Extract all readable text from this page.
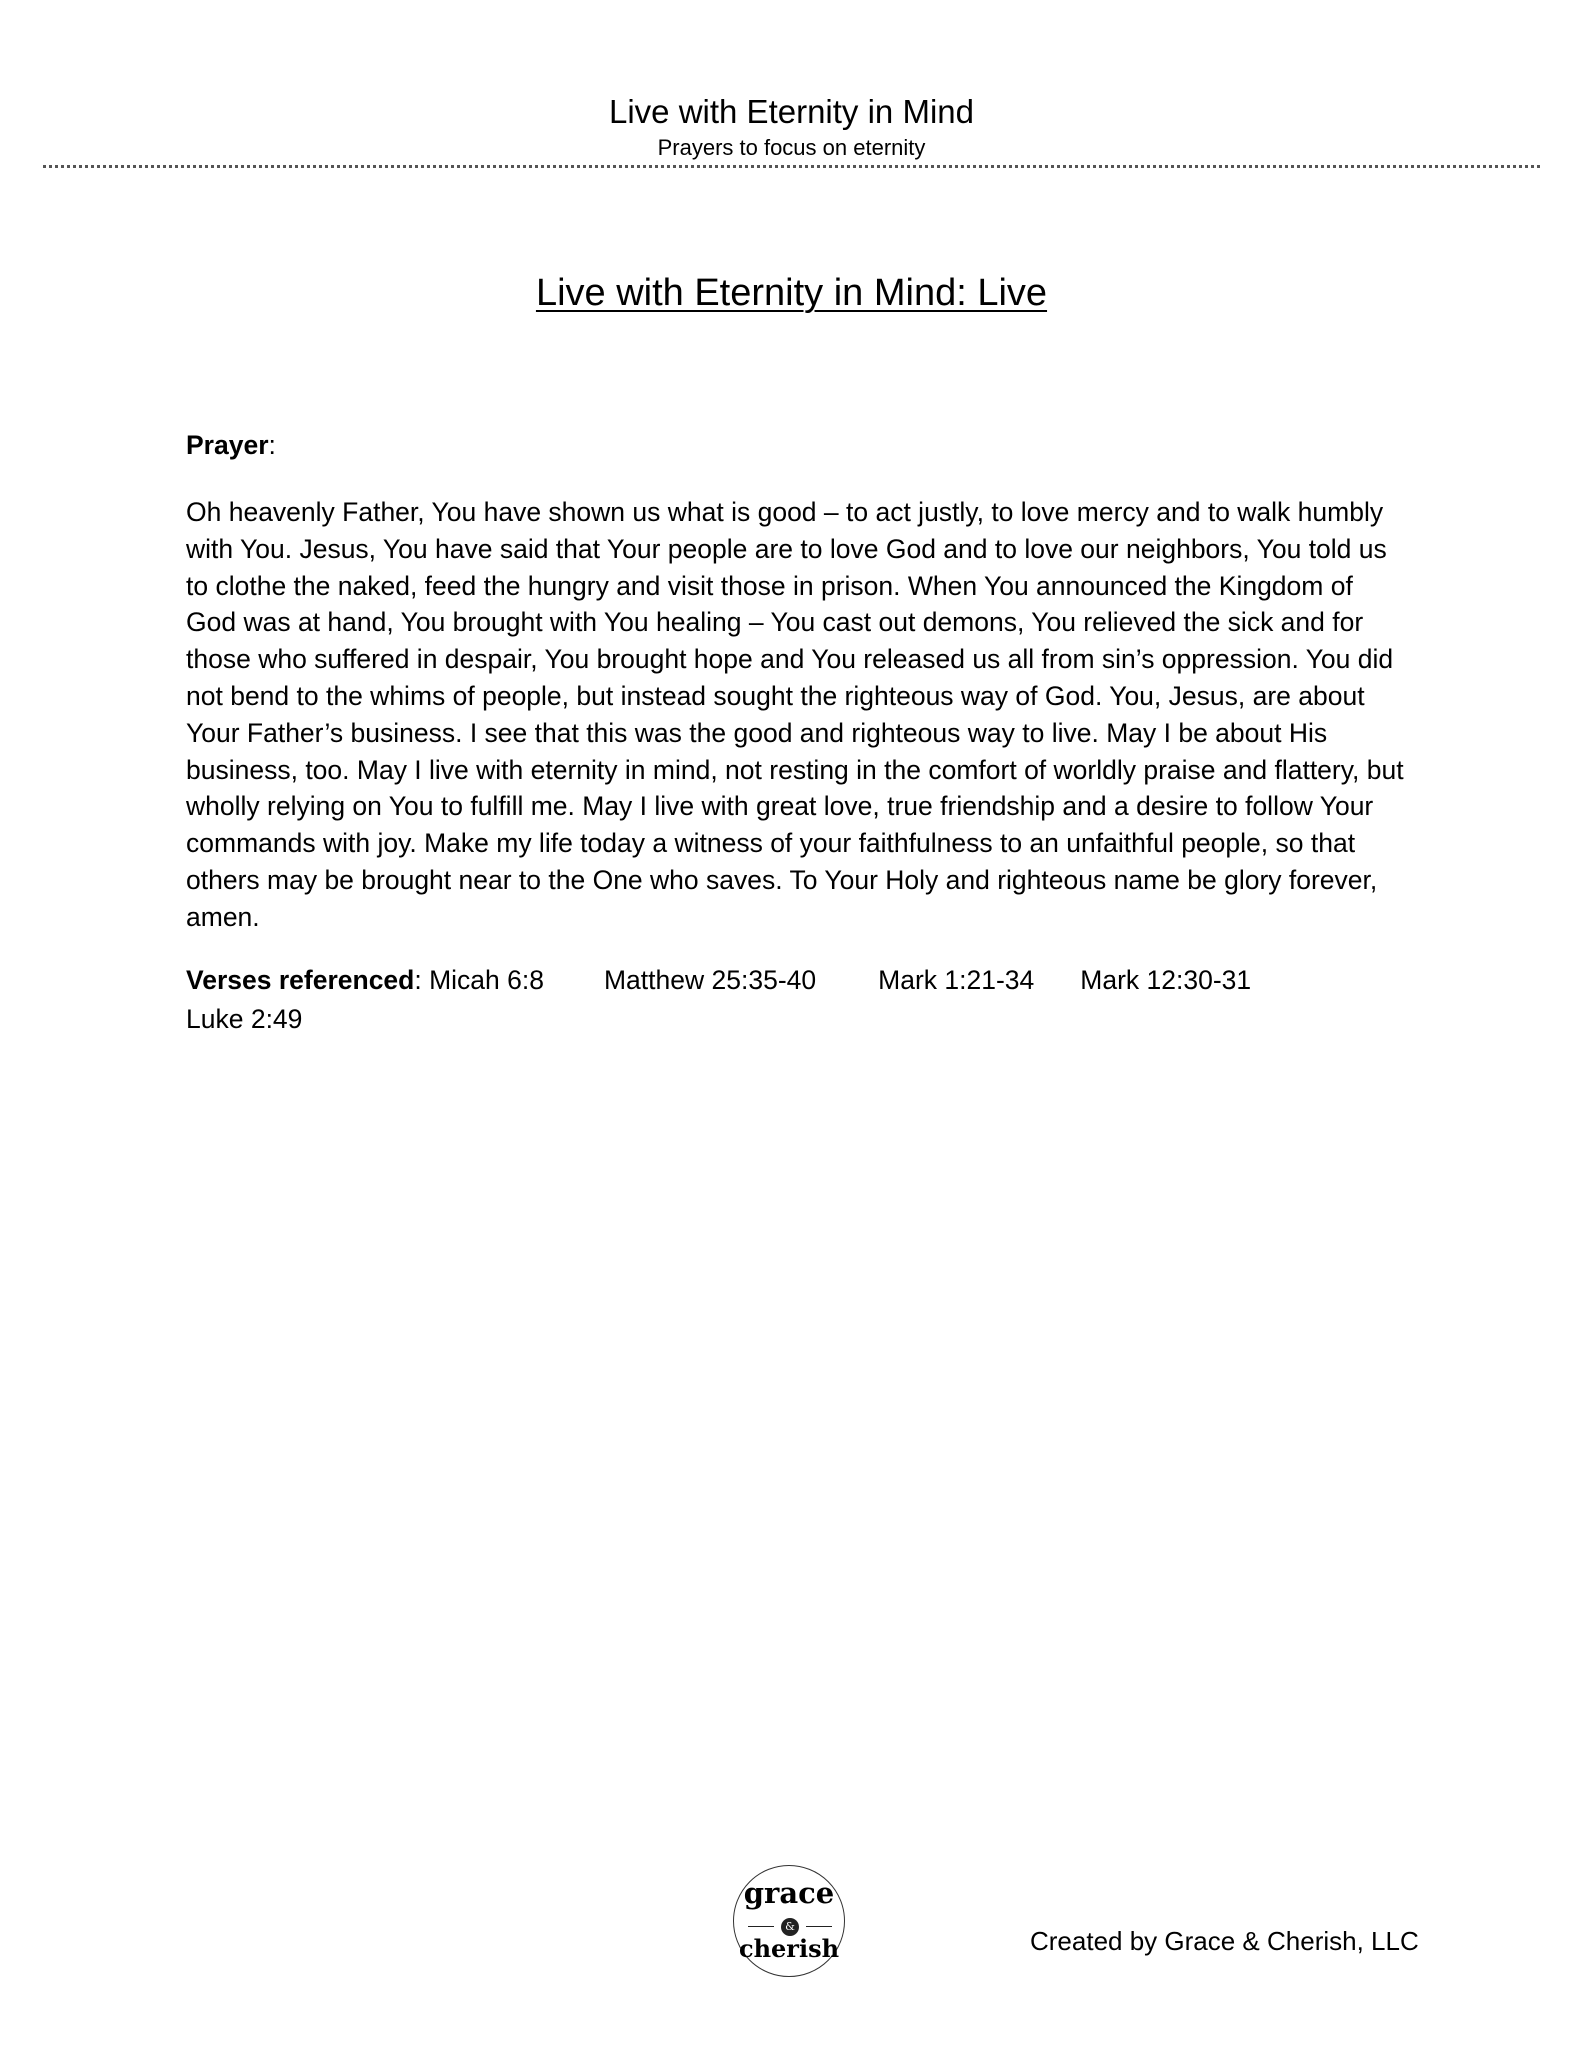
Live with Eternity in Mind
Prayers to focus on eternity
Live with Eternity in Mind: Live
Prayer:
Oh heavenly Father, You have shown us what is good – to act justly, to love mercy and to walk humbly with You. Jesus, You have said that Your people are to love God and to love our neighbors, You told us to clothe the naked, feed the hungry and visit those in prison. When You announced the Kingdom of God was at hand, You brought with You healing – You cast out demons, You relieved the sick and for those who suffered in despair, You brought hope and You released us all from sin’s oppression. You did not bend to the whims of people, but instead sought the righteous way of God. You, Jesus, are about Your Father’s business. I see that this was the good and righteous way to live. May I be about His business, too. May I live with eternity in mind, not resting in the comfort of worldly praise and flattery, but wholly relying on You to fulfill me. May I live with great love, true friendship and a desire to follow Your commands with joy. Make my life today a witness of your faithfulness to an unfaithful people, so that others may be brought near to the One who saves. To Your Holy and righteous name be glory forever, amen.
Verses referenced: Micah 6:8 Matthew 25:35-40 Mark 1:21-34 Mark 12:30-31
Luke 2:49
grace
&
cherish	Created by Grace & Cherish, LLC
